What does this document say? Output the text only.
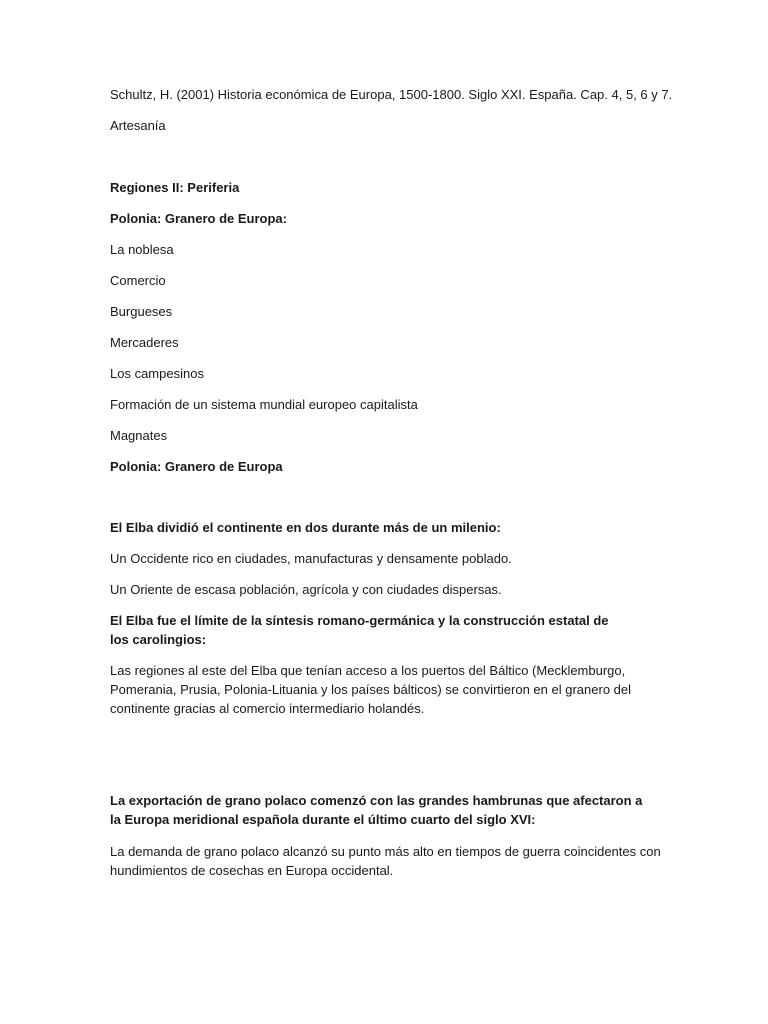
Schultz, H. (2001) Historia económica de Europa, 1500-1800. Siglo XXI. España. Cap. 4, 5, 6 y 7.
Artesanía
Regiones II: Periferia
Polonia: Granero de Europa:
La noblesa
Comercio
Burgueses
Mercaderes
Los campesinos
Formación de un sistema mundial europeo capitalista
Magnates
Polonia: Granero de Europa
El Elba dividió el continente en dos durante más de un milenio:
Un Occidente rico en ciudades, manufacturas y densamente poblado.
Un Oriente de escasa población, agrícola y con ciudades dispersas.
El Elba fue el límite de la síntesis romano-germánica y la construcción estatal de los carolingios:
Las regiones al este del Elba que tenían acceso a los puertos del Báltico (Mecklemburgo, Pomerania, Prusia, Polonia-Lituania y los países bálticos) se convirtieron en el granero del continente gracias al comercio intermediario holandés.
La exportación de grano polaco comenzó con las grandes hambrunas que afectaron a la Europa meridional española durante el último cuarto del siglo XVI:
La demanda de grano polaco alcanzó su punto más alto en tiempos de guerra coincidentes con hundimientos de cosechas en Europa occidental.
